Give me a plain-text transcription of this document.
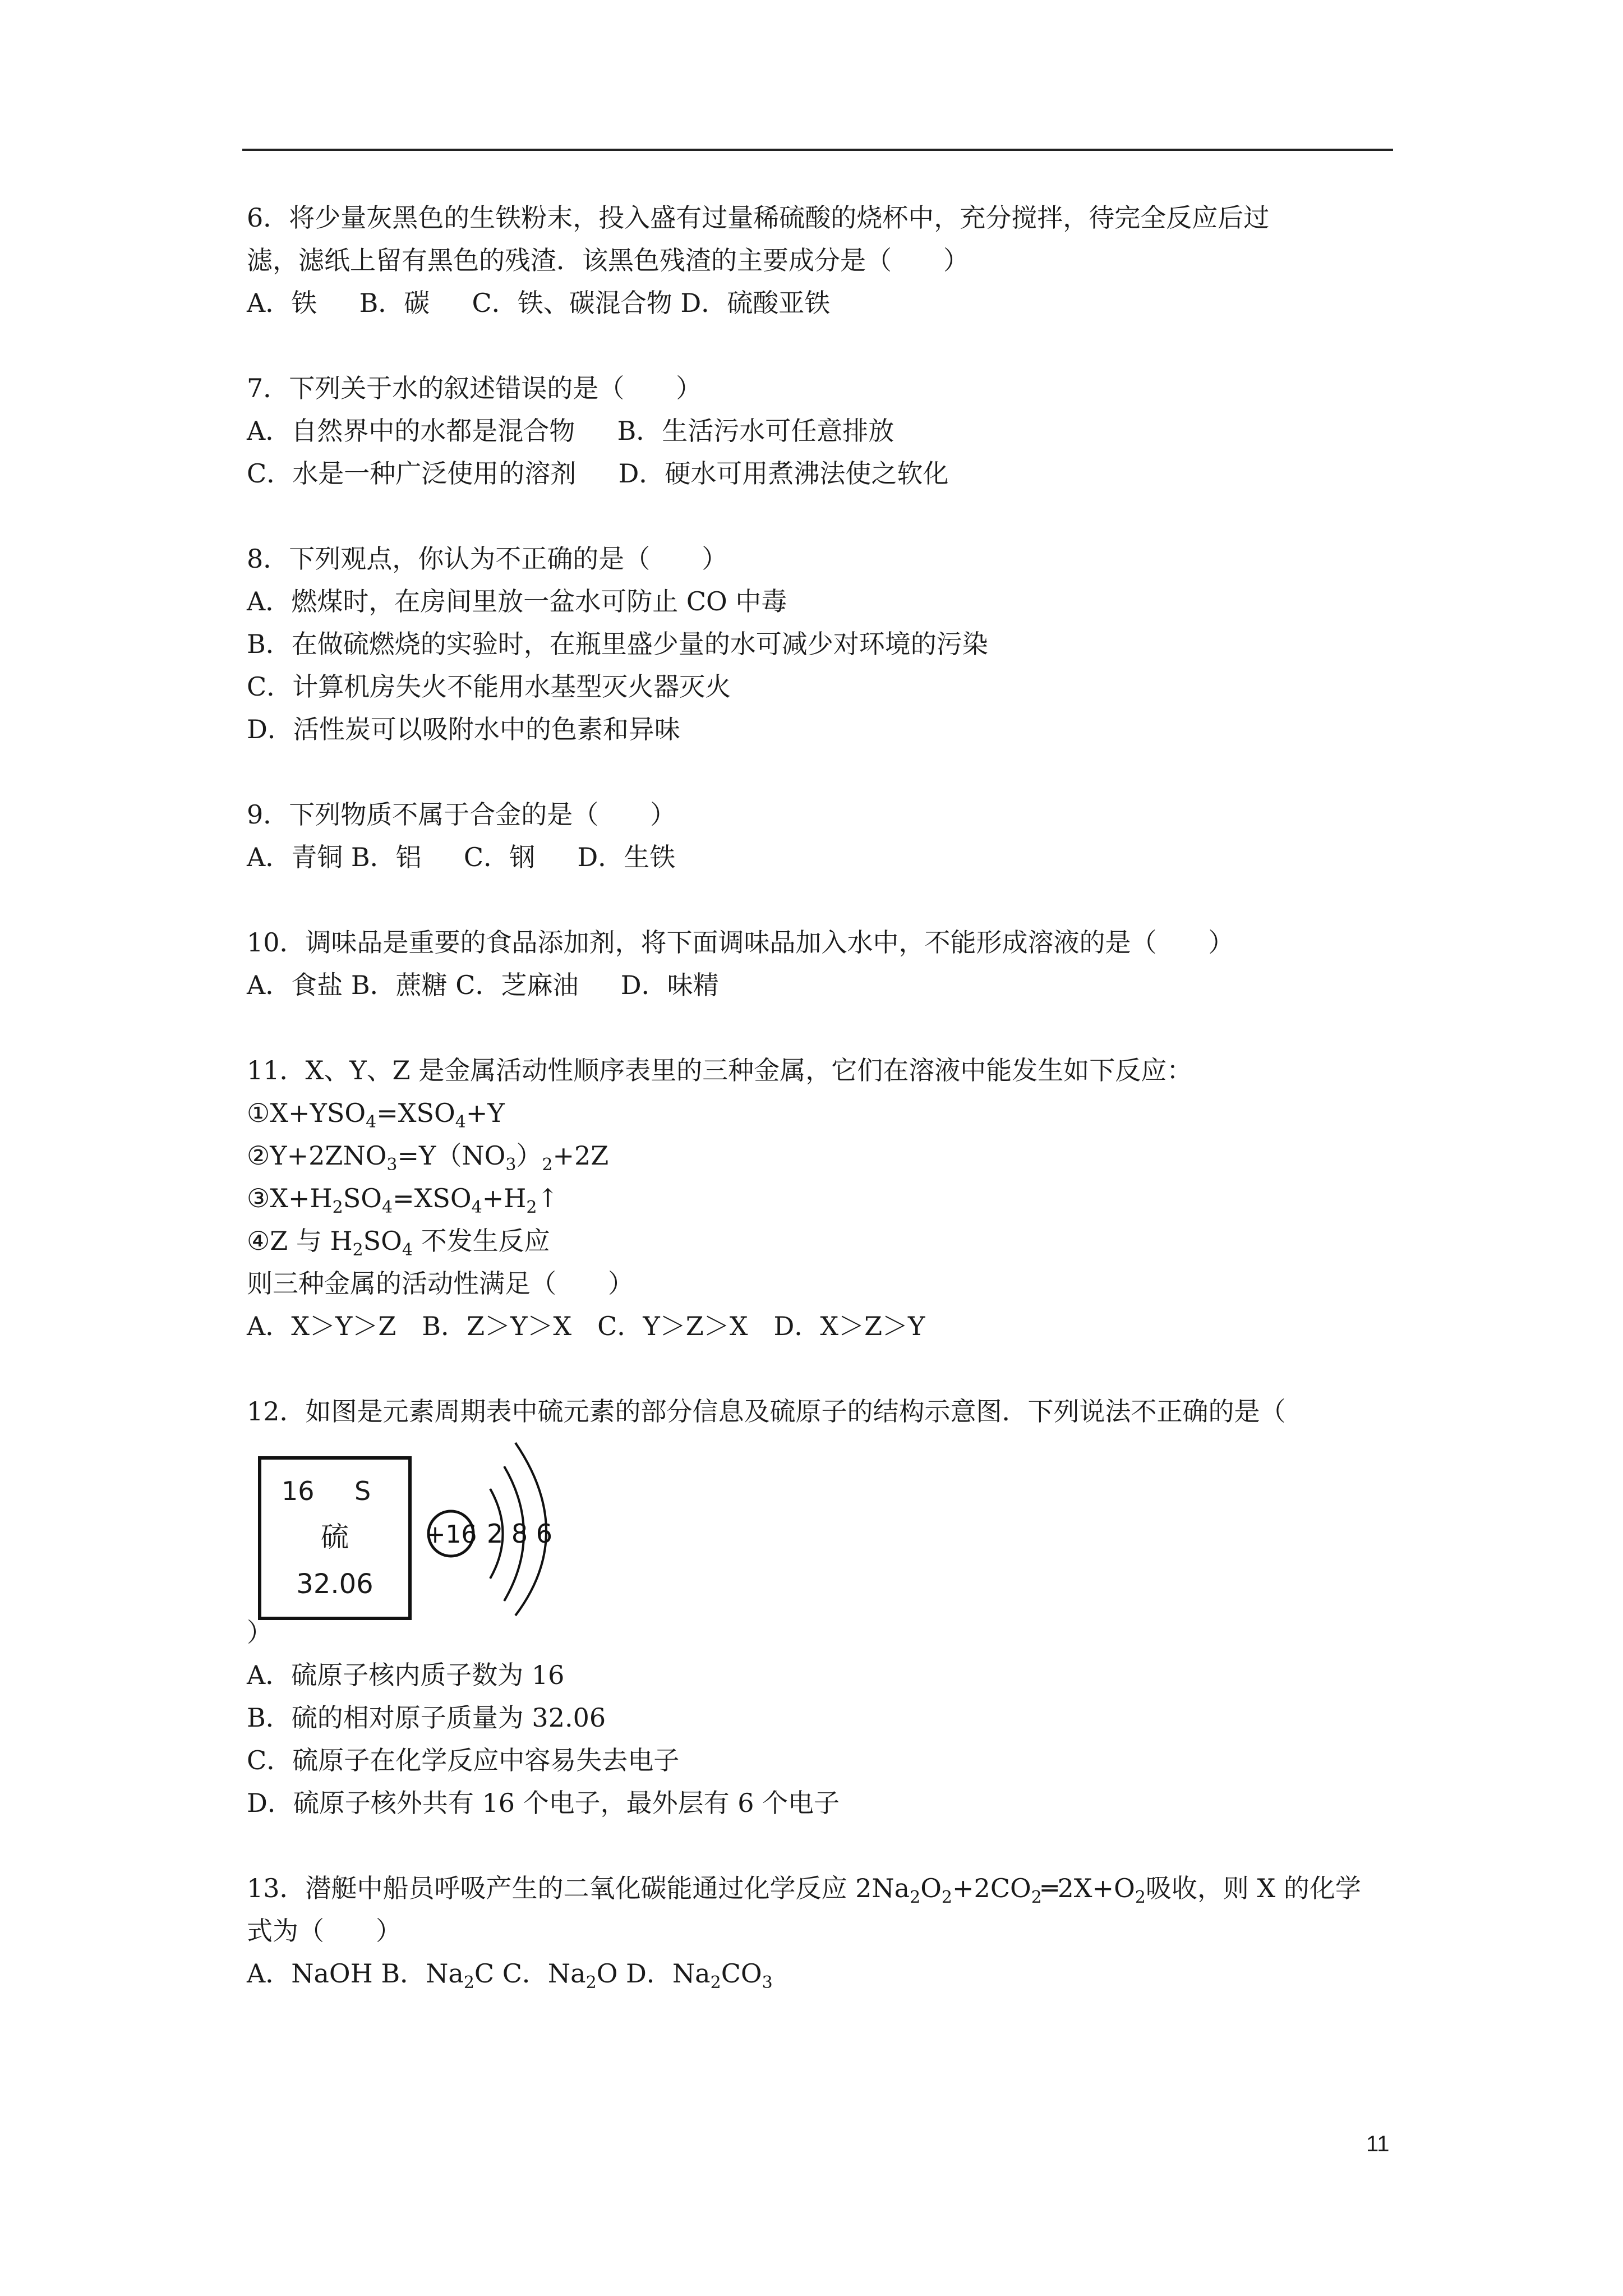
6．将少量灰黑色的生铁粉末，投入盛有过量稀硫酸的烧杯中，充分搅拌，待完全反应后过
滤，滤纸上留有黑色的残渣．该黑色残渣的主要成分是（　　）
A．铁　  B．碳　  C．铁、碳混合物 D．硫酸亚铁
7．下列关于水的叙述错误的是（　　）
A．自然界中的水都是混合物　  B．生活污水可任意排放
C．水是一种广泛使用的溶剂　  D．硬水可用煮沸法使之软化
8．下列观点，你认为不正确的是（　　）
A．燃煤时，在房间里放一盆水可防止 CO 中毒
B．在做硫燃烧的实验时，在瓶里盛少量的水可减少对环境的污染
C．计算机房失火不能用水基型灭火器灭火
D．活性炭可以吸附水中的色素和异味
9．下列物质不属于合金的是（　　）
A．青铜 B．铝　  C．钢　  D．生铁
10．调味品是重要的食品添加剂，将下面调味品加入水中，不能形成溶液的是（　　）
A．食盐 B．蔗糖 C．芝麻油　  D．味精
11．X、Y、Z 是金属活动性顺序表里的三种金属，它们在溶液中能发生如下反应：
$①X+YSO_4=XSO_4+Y$
$②Y+2ZNO_3=Y(NO_3)_2+2Z$
$③X+H_2SO_4=XSO_4+H_2↑$
④Z 与 $H_2SO_4$ 不发生反应
则三种金属的活动性满足（　　）
A．X＞Y＞Z　B．Z＞Y＞X　C．Y＞Z＞X　D．X＞Z＞Y
12．如图是元素周期表中硫元素的部分信息及硫原子的结构示意图．下列说法不正确的是（
16 S
硫
32.06
+16 2 8 6
）
A．硫原子核内质子数为 16
B．硫的相对原子质量为 32.06
C．硫原子在化学反应中容易失去电子
D．硫原子核外共有 16 个电子，最外层有 6 个电子
13．潜艇中船员呼吸产生的二氧化碳能通过化学反应 $2Na_2O_2+2CO_2═2X+O_2$吸收，则 X 的化学
式为（　　）
A．NaOH B．$Na_2C$ C．$Na_2O$ D．$Na_2CO_3$
11
